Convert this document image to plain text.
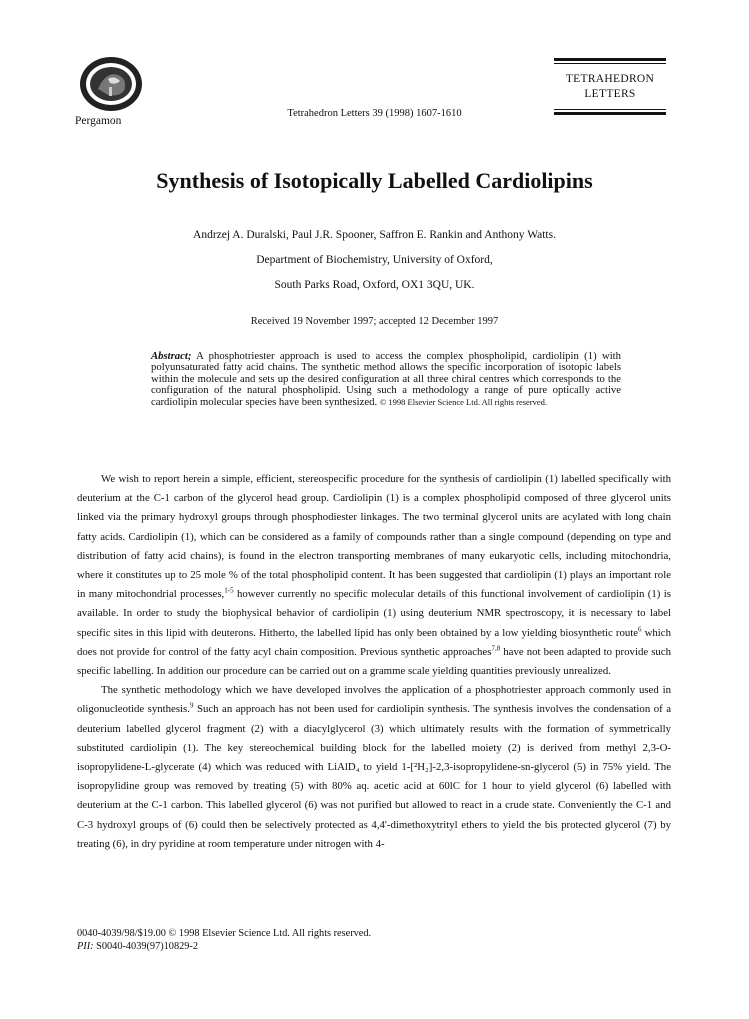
Pergamon
Tetrahedron Letters 39 (1998) 1607-1610
TETRAHEDRON
LETTERS
Synthesis of Isotopically Labelled Cardiolipins
Andrzej A. Duralski, Paul J.R. Spooner, Saffron E. Rankin and Anthony Watts.
Department of Biochemistry, University of Oxford,
South Parks Road, Oxford, OX1 3QU, UK.
Received 19 November 1997; accepted 12 December 1997
Abstract; A phosphotriester approach is used to access the complex phospholipid, cardiolipin (1) with polyunsaturated fatty acid chains. The synthetic method allows the specific incorporation of isotopic labels within the molecule and sets up the desired configuration at all three chiral centres which corresponds to the configuration of the natural phospholipid. Using such a methodology a range of pure optically active cardiolipin molecular species have been synthesized. © 1998 Elsevier Science Ltd. All rights reserved.

We wish to report herein a simple, efficient, stereospecific procedure for the synthesis of cardiolipin (1) labelled specifically with deuterium at the C-1 carbon of the glycerol head group. Cardiolipin (1) is a complex phospholipid composed of three glycerol units linked via the primary hydroxyl groups through phosphodiester linkages. The two terminal glycerol units are acylated with long chain fatty acids. Cardiolipin (1), which can be considered as a family of compounds rather than a single compound (depending on type and distribution of fatty acid chains), is found in the electron transporting membranes of many eukaryotic cells, including mitochondria, where it constitutes up to 25 mole % of the total phospholipid content. It has been suggested that cardiolipin (1) plays an important role in many mitochondrial processes,$^{1-5}$ however currently no specific molecular details of this functional involvement of cardiolipin (1) is available. In order to study the biophysical behavior of cardiolipin (1) using deuterium NMR spectroscopy, it is necessary to label specific sites in this lipid with deuterons. Hitherto, the labelled lipid has only been obtained by a low yielding biosynthetic route$^6$ which does not provide for control of the fatty acyl chain composition. Previous synthetic approaches$^{7,8}$ have not been adapted to provide such specific labelling. In addition our procedure can be carried out on a gramme scale yielding quantities previously unrealized.

The synthetic methodology which we have developed involves the application of a phosphotriester approach commonly used in oligonucleotide synthesis.$^9$ Such an approach has not been used for cardiolipin synthesis. The synthesis involves the condensation of a deuterium labelled glycerol fragment (2) with a diacylglycerol (3) which ultimately results with the formation of symmetrically substituted cardiolipin (1). The key stereochemical building block for the labelled moiety (2) is derived from methyl 2,3-O-isopropylidene-L-glycerate (4) which was reduced with LiAlD₄ to yield 1-[²H₂]-2,3-isopropylidene-sn-glycerol (5) in 75% yield. The isopropylidine group was removed by treating (5) with 80% aq. acetic acid at 60lC for 1 hour to yield glycerol (6) labelled with deuterium at the C-1 carbon. This labelled glycerol (6) was not purified but allowed to react in a crude state. Conveniently the C-1 and C-3 hydroxyl groups of (6) could then be selectively protected as 4,4'-dimethoxytrityl ethers to yield the bis protected glycerol (7) by treating (6), in dry pyridine at room temperature under nitrogen with 4-

0040-4039/98/$19.00 © 1998 Elsevier Science Ltd. All rights reserved.
PII: S0040-4039(97)10829-2
